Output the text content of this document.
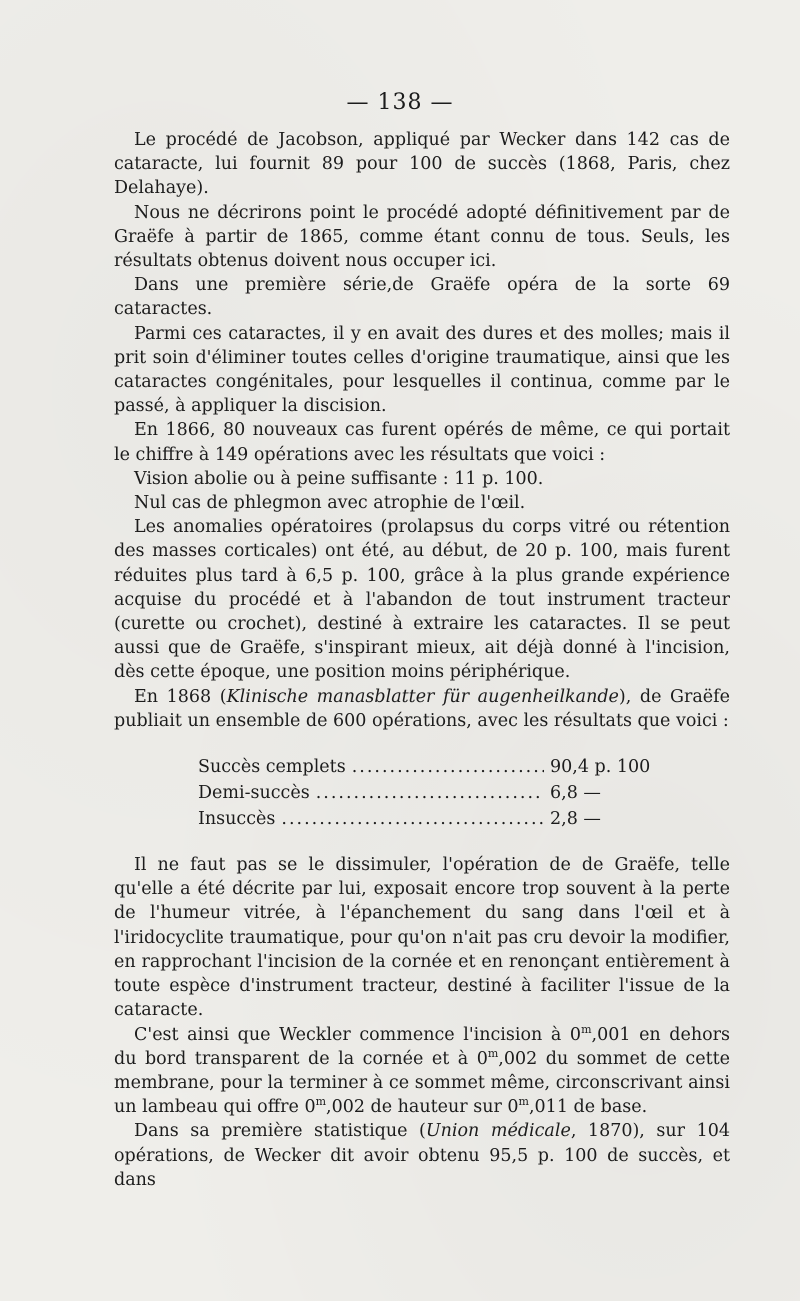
— 138 —

Le procédé de Jacobson, appliqué par Wecker dans 142 cas de cataracte, lui fournit 89 pour 100 de succès (1868, Paris, chez Delahaye).

Nous ne décrirons point le procédé adopté définitivement par de Graëfe à partir de 1865, comme étant connu de tous. Seuls, les résultats obtenus doivent nous occuper ici.

Dans une première série,de Graëfe opéra de la sorte 69 cataractes.

Parmi ces cataractes, il y en avait des dures et des molles; mais il prit soin d'éliminer toutes celles d'origine traumatique, ainsi que les cataractes congénitales, pour lesquelles il continua, comme par le passé, à appliquer la discision.

En 1866, 80 nouveaux cas furent opérés de même, ce qui portait le chiffre à 149 opérations avec les résultats que voici :

Vision abolie ou à peine suffisante : 11 p. 100.

Nul cas de phlegmon avec atrophie de l'œil.

Les anomalies opératoires (prolapsus du corps vitré ou rétention des masses corticales) ont été, au début, de 20 p. 100, mais furent réduites plus tard à 6,5 p. 100, grâce à la plus grande expérience acquise du procédé et à l'abandon de tout instrument tracteur (curette ou crochet), destiné à extraire les cataractes. Il se peut aussi que de Graëfe, s'inspirant mieux, ait déjà donné à l'incision, dès cette époque, une position moins périphérique.

En 1868 (Klinische manasblatter für augenheilkande), de Graëfe publiait un ensemble de 600 opérations, avec les résultats que voici :

Succès cemplets .....	90,4 p. 100
Demi-succès .....	6,8 —
Insuccès .....	2,8 —

Il ne faut pas se le dissimuler, l'opération de de Graëfe, telle qu'elle a été décrite par lui, exposait encore trop souvent à la perte de l'humeur vitrée, à l'épanchement du sang dans l'œil et à l'iridocyclite traumatique, pour qu'on n'ait pas cru devoir la modifier, en rapprochant l'incision de la cornée et en renonçant entièrement à toute espèce d'instrument tracteur, destiné à faciliter l'issue de la cataracte.

C'est ainsi que Weckler commence l'incision à 0$^m$,001 en dehors du bord transparent de la cornée et à 0$^m$,002 du sommet de cette membrane, pour la terminer à ce sommet même, circonscrivant ainsi un lambeau qui offre 0$^m$,002 de hauteur sur 0$^m$,011 de base.

Dans sa première statistique (Union médicale, 1870), sur 104 opérations, de Wecker dit avoir obtenu 95,5 p. 100 de succès, et dans
